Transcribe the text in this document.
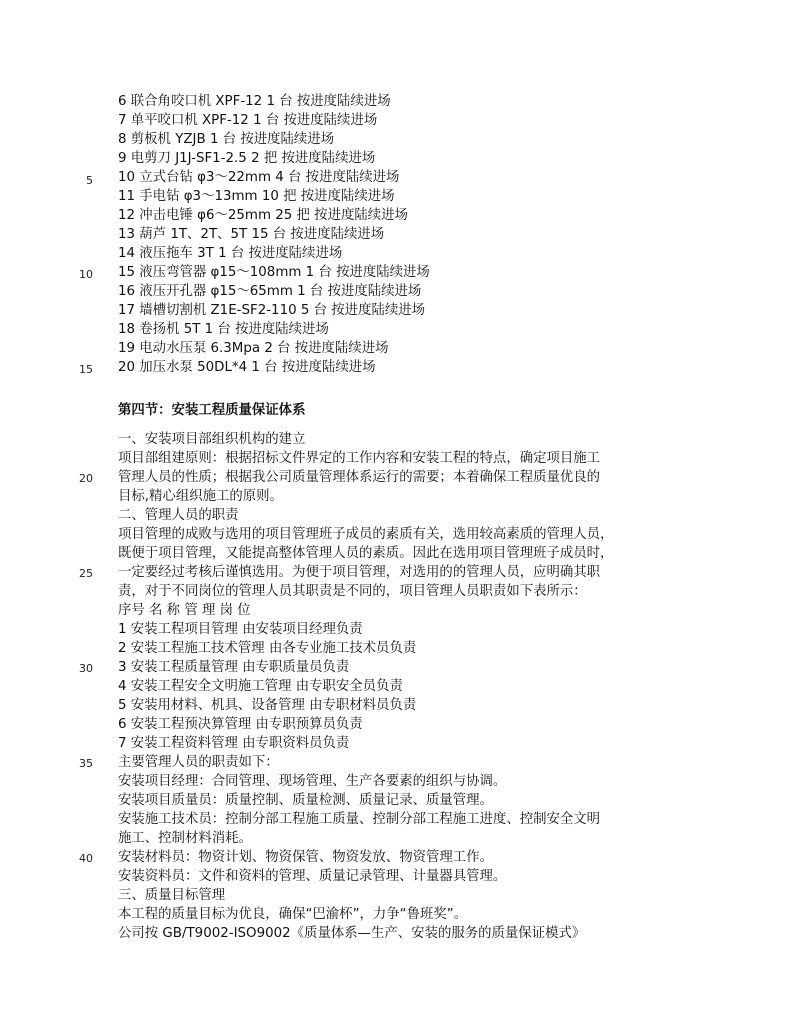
6 联合角咬口机 XPF-12 1 台 按进度陆续进场
7 单平咬口机 XPF-12 1 台 按进度陆续进场
8 剪板机 YZJB 1 台 按进度陆续进场
9 电剪刀 J1J-SF1-2.5 2 把 按进度陆续进场
10 立式台钻 φ3～22mm 4 台 按进度陆续进场
11 手电钻 φ3～13mm 10 把 按进度陆续进场
12 冲击电锤 φ6～25mm 25 把 按进度陆续进场
13 葫芦 1T、2T、5T 15 台 按进度陆续进场
14 液压拖车 3T 1 台 按进度陆续进场
15 液压弯管器 φ15～108mm 1 台 按进度陆续进场
16 液压开孔器 φ15～65mm 1 台 按进度陆续进场
17 墙槽切割机 Z1E-SF2-110 5 台 按进度陆续进场
18 卷扬机 5T 1 台 按进度陆续进场
19 电动水压泵 6.3Mpa 2 台 按进度陆续进场
20 加压水泵 50DL*4 1 台 按进度陆续进场
第四节：安装工程质量保证体系
一、安装项目部组织机构的建立
项目部组建原则：根据招标文件界定的工作内容和安装工程的特点，确定项目施工
管理人员的性质；根据我公司质量管理体系运行的需要；本着确保工程质量优良的
目标,精心组织施工的原则。
二、管理人员的职责
项目管理的成败与选用的项目管理班子成员的素质有关，选用较高素质的管理人员，
既便于项目管理，又能提高整体管理人员的素质。因此在选用项目管理班子成员时，
一定要经过考核后谨慎选用。为便于项目管理，对选用的的管理人员，应明确其职
责，对于不同岗位的管理人员其职责是不同的，项目管理人员职责如下表所示：
序号 名 称 管 理 岗 位
1 安装工程项目管理 由安装项目经理负责
2 安装工程施工技术管理 由各专业施工技术员负责
3 安装工程质量管理 由专职质量员负责
4 安装工程安全文明施工管理 由专职安全员负责
5 安装用材料、机具、设备管理 由专职材料员负责
6 安装工程预决算管理 由专职预算员负责
7 安装工程资料管理 由专职资料员负责
主要管理人员的职责如下：
安装项目经理：合同管理、现场管理、生产各要素的组织与协调。
安装项目质量员：质量控制、质量检测、质量记录、质量管理。
安装施工技术员：控制分部工程施工质量、控制分部工程施工进度、控制安全文明
施工、控制材料消耗。
安装材料员：物资计划、物资保管、物资发放、物资管理工作。
安装资料员：文件和资料的管理、质量记录管理、计量器具管理。
三、质量目标管理
本工程的质量目标为优良，确保“巴渝杯”，力争“鲁班奖”。
公司按 GB/T9002-ISO9002《质量体系—生产、安装的服务的质量保证模式》
5
10
15
20
25
30
35
40
